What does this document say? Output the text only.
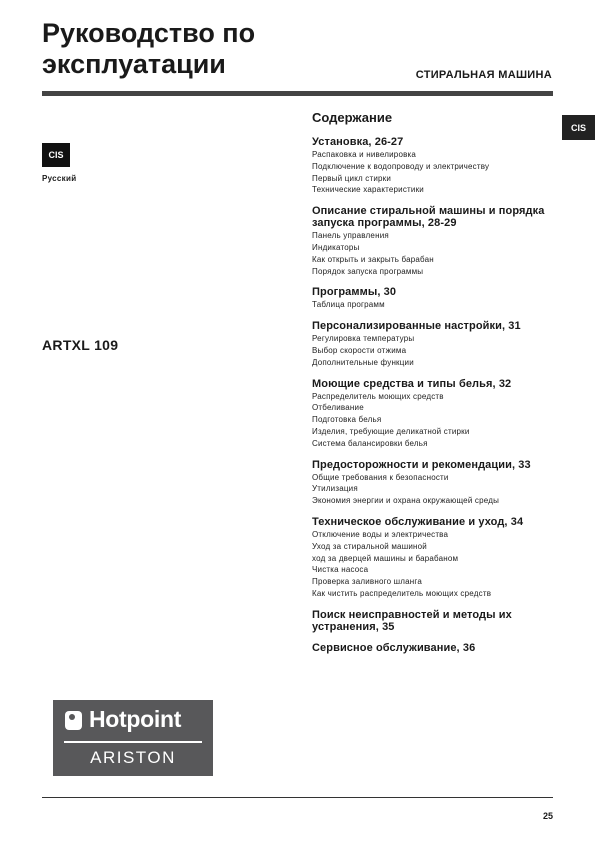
Руководство по
эксплуатации	СТИРАЛЬНАЯ МАШИНА
CIS
Русский
CIS
ARTXL 109
Содержание
Установка, 26-27
Распаковка и нивелировка
Подключение к водопроводу и электричеству
Первый цикл стирки
Технические характеристики
Описание стиральной машины и порядка запуска программы, 28-29
Панель управления
Индикаторы
Как открыть и закрыть барабан
Порядок запуска программы
Программы, 30
Таблица программ
Персонализированные настройки, 31
Регулировка температуры
Выбор скорости отжима
Дополнительные функции
Моющие средства и типы белья, 32
Распределитель моющих средств
Отбеливание
Подготовка белья
Изделия, требующие деликатной стирки
Система балансировки белья
Предосторожности и рекомендации, 33
Общие требования к безопасности
Утилизация
Экономия энергии и охрана окружающей среды
Техническое обслуживание и уход, 34
Отключение воды и электричества
Уход за стиральной машиной
ход за дверцей машины и барабаном
Чистка насоса
Проверка заливного шланга
Как чистить распределитель моющих средств
Поиск неисправностей и методы их устранения, 35
Сервисное обслуживание, 36
Hotpoint
ARISTON
25
